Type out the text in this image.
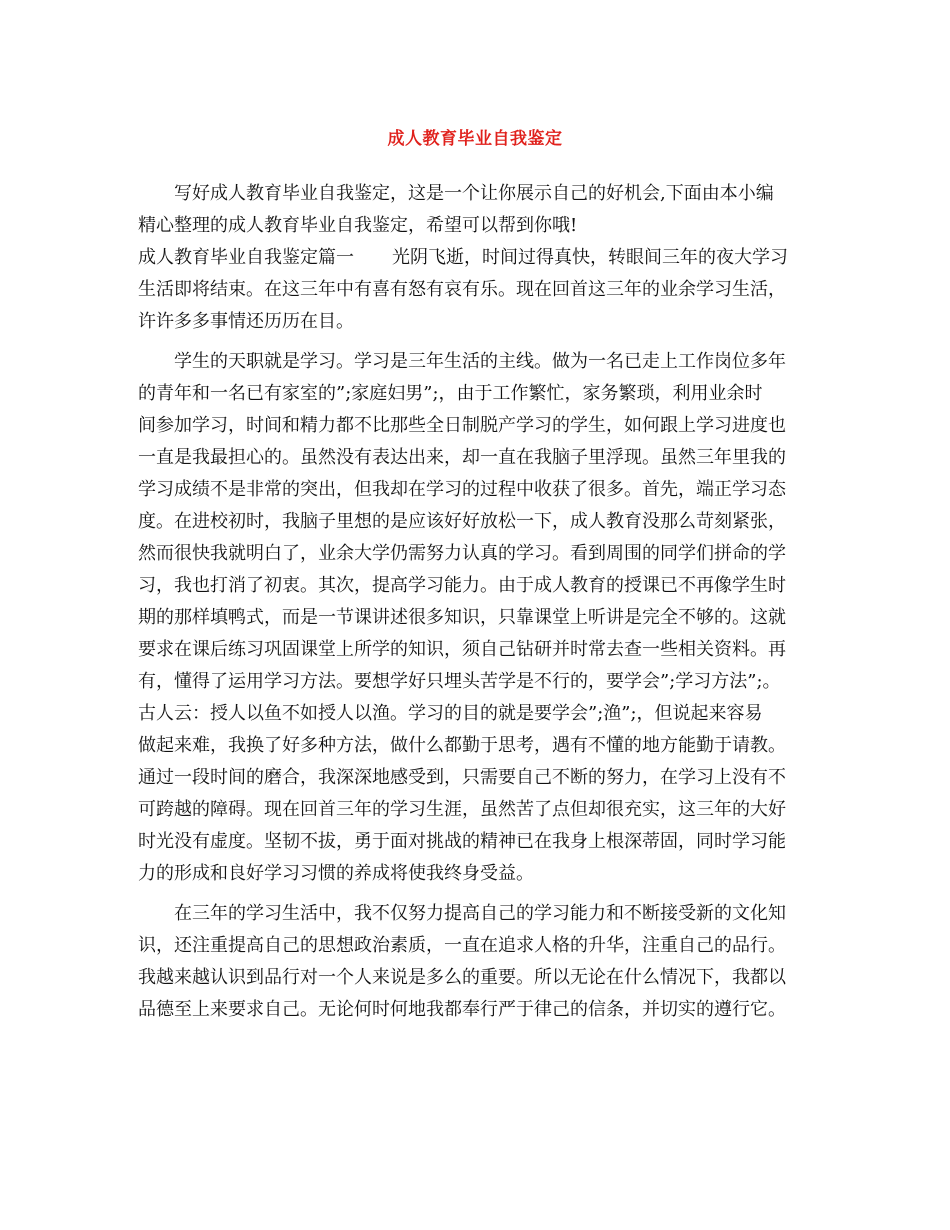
成人教育毕业自我鉴定

写好成人教育毕业自我鉴定，这是一个让你展示自己的好机会,下面由本小编
精心整理的成人教育毕业自我鉴定，希望可以帮到你哦!

成人教育毕业自我鉴定篇一 光阴飞逝，时间过得真快，转眼间三年的夜大学习
生活即将结束。在这三年中有喜有怒有哀有乐。现在回首这三年的业余学习生活，
许许多多事情还历历在目。

学生的天职就是学习。学习是三年生活的主线。做为一名已走上工作岗位多年
的青年和一名已有家室的”;家庭妇男”;，由于工作繁忙，家务繁琐，利用业余时
间参加学习，时间和精力都不比那些全日制脱产学习的学生，如何跟上学习进度也
一直是我最担心的。虽然没有表达出来，却一直在我脑子里浮现。虽然三年里我的
学习成绩不是非常的突出，但我却在学习的过程中收获了很多。首先，端正学习态
度。在进校初时，我脑子里想的是应该好好放松一下，成人教育没那么苛刻紧张，
然而很快我就明白了，业余大学仍需努力认真的学习。看到周围的同学们拼命的学
习，我也打消了初衷。其次，提高学习能力。由于成人教育的授课已不再像学生时
期的那样填鸭式，而是一节课讲述很多知识，只靠课堂上听讲是完全不够的。这就
要求在课后练习巩固课堂上所学的知识，须自己钻研并时常去查一些相关资料。再
有，懂得了运用学习方法。要想学好只埋头苦学是不行的，要学会”;学习方法”;。
古人云：授人以鱼不如授人以渔。学习的目的就是要学会”;渔”;，但说起来容易
做起来难，我换了好多种方法，做什么都勤于思考，遇有不懂的地方能勤于请教。
通过一段时间的磨合，我深深地感受到，只需要自己不断的努力，在学习上没有不
可跨越的障碍。现在回首三年的学习生涯，虽然苦了点但却很充实，这三年的大好
时光没有虚度。坚韧不拔，勇于面对挑战的精神已在我身上根深蒂固，同时学习能
力的形成和良好学习习惯的养成将使我终身受益。

在三年的学习生活中，我不仅努力提高自己的学习能力和不断接受新的文化知
识，还注重提高自己的思想政治素质，一直在追求人格的升华，注重自己的品行。
我越来越认识到品行对一个人来说是多么的重要。所以无论在什么情况下，我都以
品德至上来要求自己。无论何时何地我都奉行严于律己的信条，并切实的遵行它。
